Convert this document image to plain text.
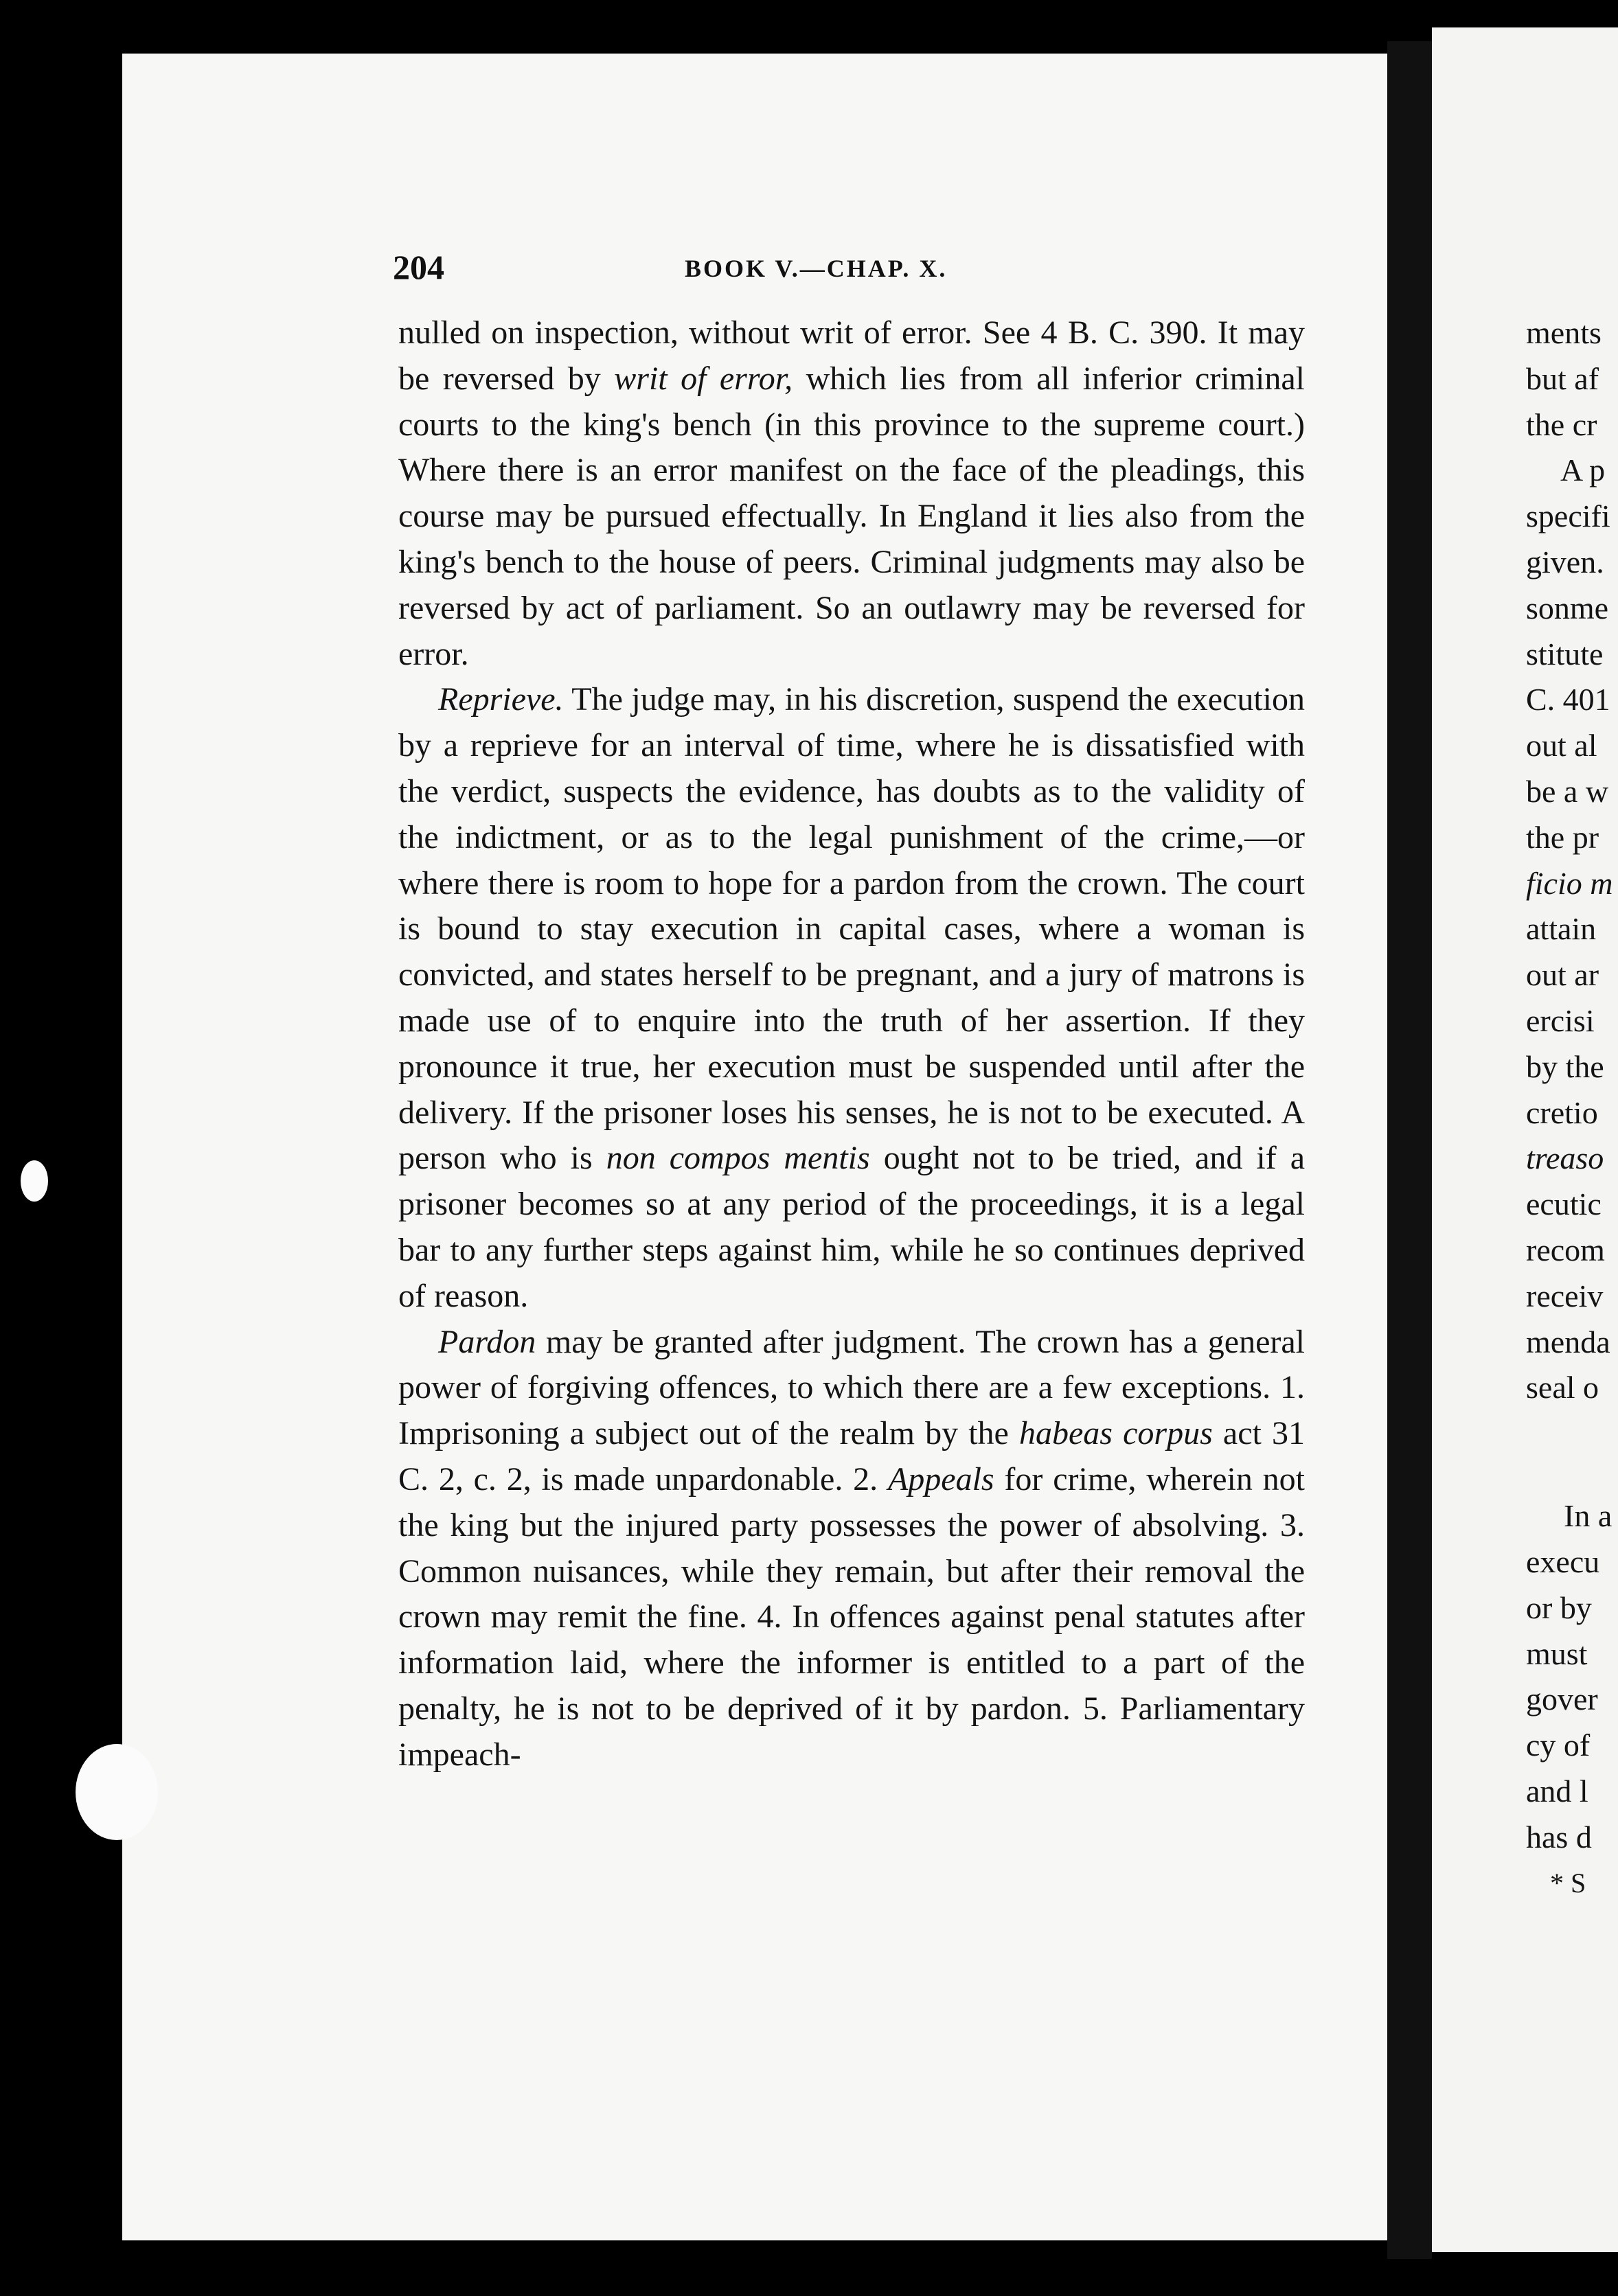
204	BOOK V.—CHAP. X.

nulled on inspection, without writ of error. See 4 B. C. 390. It may be reversed by writ of error, which lies from all inferior criminal courts to the king's bench (in this province to the supreme court.) Where there is an error manifest on the face of the pleadings, this course may be pursued effectually. In England it lies also from the king's bench to the house of peers. Criminal judgments may also be reversed by act of parliament. So an outlawry may be reversed for error.

Reprieve. The judge may, in his discretion, suspend the execution by a reprieve for an interval of time, where he is dissatisfied with the verdict, suspects the evidence, has doubts as to the validity of the indictment, or as to the legal punishment of the crime,—or where there is room to hope for a pardon from the crown. The court is bound to stay execution in capital cases, where a woman is convicted, and states herself to be pregnant, and a jury of matrons is made use of to enquire into the truth of her assertion. If they pronounce it true, her execution must be suspended until after the delivery. If the prisoner loses his senses, he is not to be executed. A person who is non compos mentis ought not to be tried, and if a prisoner becomes so at any period of the proceedings, it is a legal bar to any further steps against him, while he so continues deprived of reason.

Pardon may be granted after judgment. The crown has a general power of forgiving offences, to which there are a few exceptions. 1. Imprisoning a subject out of the realm by the habeas corpus act 31 C. 2, c. 2, is made unpardonable. 2. Appeals for crime, wherein not the king but the injured party possesses the power of absolving. 3. Common nuisances, while they remain, but after their removal the crown may remit the fine. 4. In offences against penal statutes after information laid, where the informer is entitled to a part of the penalty, he is not to be deprived of it by pardon. 5. Parliamentary impeach-

ments
but af
the cr
A p
specifi
given.
sonme
stitute
C. 401
out al
be a w
the pr
ficio m
attain
out ar
ercisi
by the
cretio
treaso
ecutic
recom
receiv
menda
seal o
In a
execu
or by
must
gover
cy of
and l
has d
* S
